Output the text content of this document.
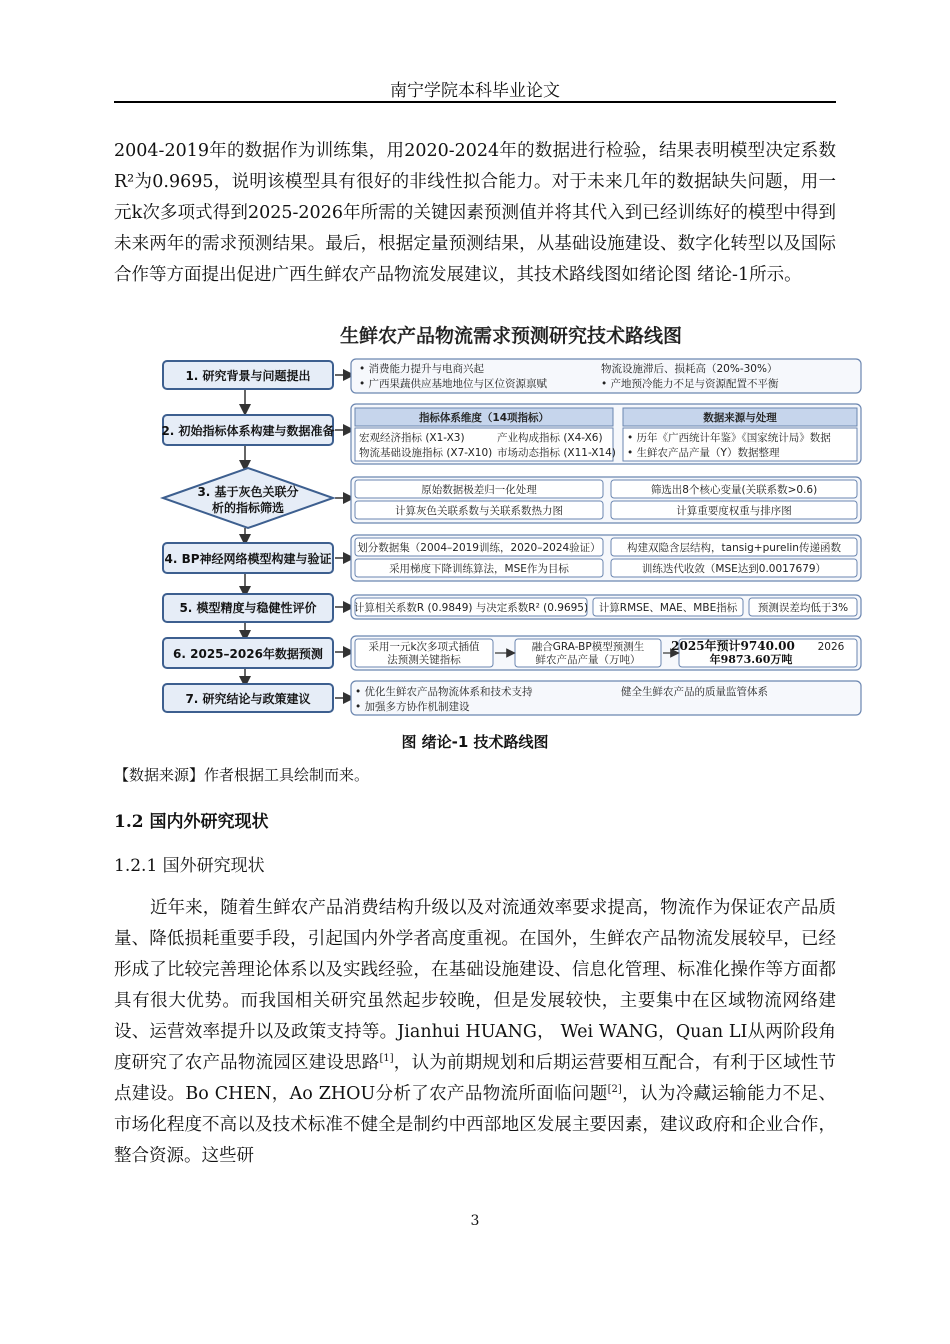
南宁学院本科毕业论文

2004-2019年的数据作为训练集，用2020-2024年的数据进行检验，结果表明模型决定系数R²为0.9695，说明该模型具有很好的非线性拟合能力。对于未来几年的数据缺失问题，用一元k次多项式得到2025-2026年所需的关键因素预测值并将其代入到已经训练好的模型中得到未来两年的需求预测结果。最后，根据定量预测结果，从基础设施建设、数字化转型以及国际合作等方面提出促进广西生鲜农产品物流发展建议，其技术路线图如绪论图 绪论-1所示。

生鲜农产品物流需求预测研究技术路线图
1. 研究背景与问题提出
2. 初始指标体系构建与数据准备
3. 基于灰色关联分
析的指标筛选
4. BP神经网络模型构建与验证
5. 模型精度与稳健性评价
6. 2025–2026年数据预测
7. 研究结论与政策建议
• 消费能力提升与电商兴起	物流设施滞后、损耗高（20%-30%）
• 广西果蔬供应基地地位与区位资源禀赋	• 产地预冷能力不足与资源配置不平衡
指标体系维度（14项指标）	数据来源与处理
宏观经济指标 (X1-X3)	产业构成指标 (X4-X6)
物流基础设施指标 (X7-X10) 市场动态指标 (X11-X14)
• 历年《广西统计年鉴》《国家统计局》数据
• 生鲜农产品产量（Y）数据整理
原始数据极差归一化处理	筛选出8个核心变量(关联系数>0.6)
计算灰色关联系数与关联系数热力图	计算重要度权重与排序图
划分数据集（2004–2019训练，2020–2024验证）	构建双隐含层结构，tansig+purelin传递函数
采用梯度下降训练算法，MSE作为目标	训练迭代收敛（MSE达到0.0017679）
计算相关系数R (0.9849) 与决定系数R² (0.9695) 计算RMSE、MAE、MBE指标 预测误差均低于3%
采用一元k次多项式插值
法预测关键指标
融合GRA-BP模型预测生
鲜农产品产量（万吨）
2025年预计9740.00 2026
年9873.60万吨
• 优化生鲜农产品物流体系和技术支持	健全生鲜农产品的质量监管体系
• 加强多方协作机制建设
图 绪论-1 技术路线图
【数据来源】作者根据工具绘制而来。
1.2 国内外研究现状
1.2.1 国外研究现状

近年来，随着生鲜农产品消费结构升级以及对流通效率要求提高，物流作为保证农产品质量、降低损耗重要手段，引起国内外学者高度重视。在国外，生鲜农产品物流发展较早，已经形成了比较完善理论体系以及实践经验，在基础设施建设、信息化管理、标准化操作等方面都具有很大优势。而我国相关研究虽然起步较晚，但是发展较快，主要集中在区域物流网络建设、运营效率提升以及政策支持等。Jianhui HUANG， Wei WANG，Quan LI从两阶段角度研究了农产品物流园区建设思路[1]，认为前期规划和后期运营要相互配合，有利于区域性节点建设。Bo CHEN，Ao ZHOU分析了农产品物流所面临问题[2]，认为冷藏运输能力不足、市场化程度不高以及技术标准不健全是制约中西部地区发展主要因素，建议政府和企业合作，整合资源。这些研

3
